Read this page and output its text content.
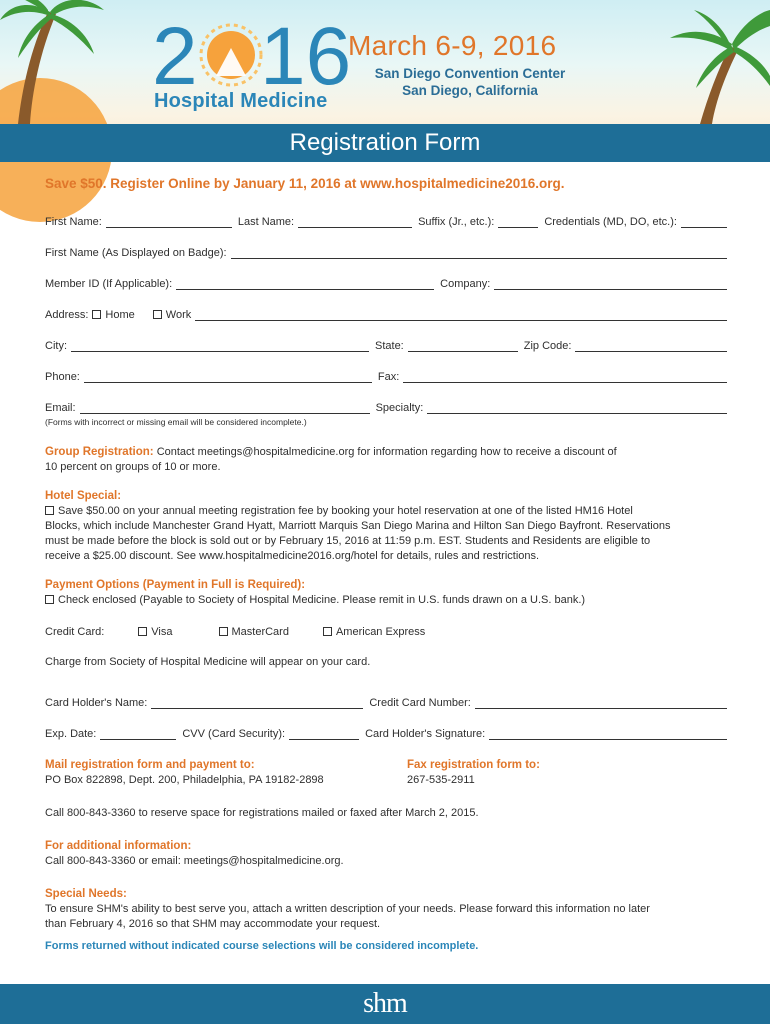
2 16
Hospital Medicine
March 6-9, 2016
San Diego Convention Center
San Diego, California
Registration Form
Save $50. Register Online by January 11, 2016 at www.hospitalmedicine2016.org.
First Name:	Last Name:	Suffix (Jr., etc.):	Credentials (MD, DO, etc.):
First Name (As Displayed on Badge):
Member ID (If Applicable):	Company:
Address:	Home	Work
City:	State:	Zip Code:
Phone:	Fax:
Email:	Specialty:
(Forms with incorrect or missing email will be considered incomplete.)
Group Registration: Contact meetings@hospitalmedicine.org for information regarding how to receive a discount of
10 percent on groups of 10 or more.
Hotel Special:
Save $50.00 on your annual meeting registration fee by booking your hotel reservation at one of the listed HM16 Hotel
Blocks, which include Manchester Grand Hyatt, Marriott Marquis San Diego Marina and Hilton San Diego Bayfront. Reservations
must be made before the block is sold out or by February 15, 2016 at 11:59 p.m. EST. Students and Residents are eligible to
receive a $25.00 discount. See www.hospitalmedicine2016.org/hotel for details, rules and restrictions.
Payment Options (Payment in Full is Required):
Check enclosed (Payable to Society of Hospital Medicine. Please remit in U.S. funds drawn on a U.S. bank.)
Credit Card:	Visa	MasterCard	American Express
Charge from Society of Hospital Medicine will appear on your card.
Card Holder's Name:	Credit Card Number:
Exp. Date:	CVV (Card Security):	Card Holder's Signature:
Mail registration form and payment to:
PO Box 822898, Dept. 200, Philadelphia, PA 19182-2898
Fax registration form to:
267-535-2911
Call 800-843-3360 to reserve space for registrations mailed or faxed after March 2, 2015.
For additional information:
Call 800-843-3360 or email: meetings@hospitalmedicine.org.
Special Needs:
To ensure SHM's ability to best serve you, attach a written description of your needs. Please forward this information no later
than February 4, 2016 so that SHM may accommodate your request.
Forms returned without indicated course selections will be considered incomplete.
shm
